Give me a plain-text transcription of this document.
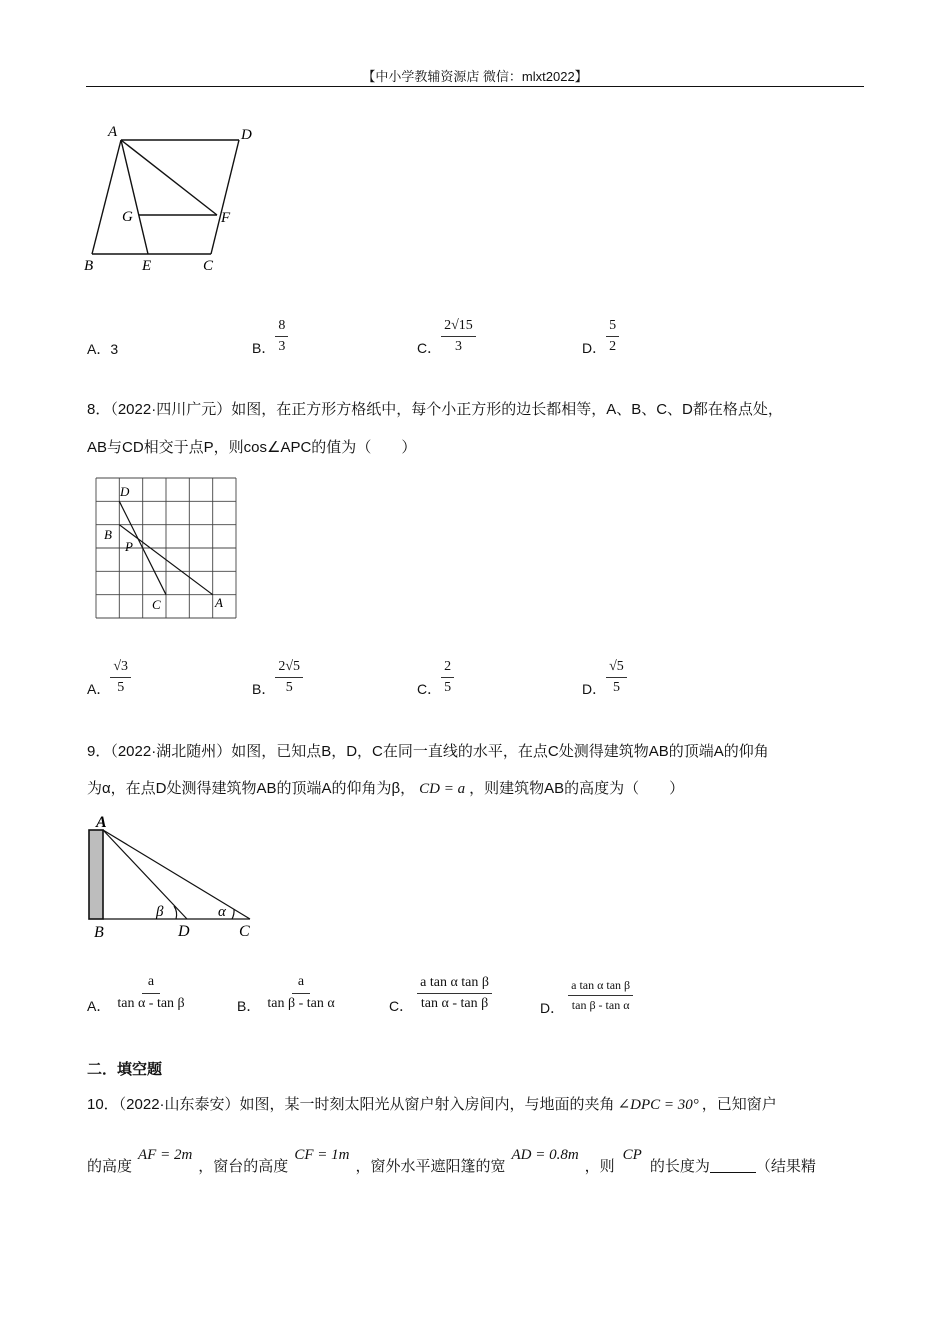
【中小学教辅资源店 微信：mlxt2022】
A	D
G	F
B	E	C
A．3	B． $\frac{8}{3}$	C． $\frac{2√15}{3}$	D． $\frac{5}{2}$
8．（2022·四川广元）如图，在正方形方格纸中，每个小正方形的边长都相等，A、B、C、D都在格点处，
AB与CD相交于点P，则cos∠APC的值为（　　）
D
B
P
C	A
A． $\frac{√3}{5}$	B． $\frac{2√5}{5}$	C． $\frac{2}{5}$	D． $\frac{√5}{5}$
9．（2022·湖北随州）如图，已知点B，D，C在同一直线的水平，在点C处测得建筑物AB的顶端A的仰角
为α，在点D处测得建筑物AB的顶端A的仰角为β， CD = a ，则建筑物AB的高度为（　　）
A
B	D	C
β	α
A． $\frac{a}{\text{tan α - tan β}}$	B． $\frac{a}{\text{tan β - tan α}}$	C． $\frac{\text{a tan α tan β}}{\text{tan α - tan β}}$	D． $\frac{\text{a tan α tan β}}{\text{tan β - tan α}}$
二．填空题
10．（2022·山东泰安）如图，某一时刻太阳光从窗户射入房间内，与地面的夹角 ∠DPC = 30° ，已知窗户
的高度AF = 2m，窗台的高度CF = 1m，窗外水平遮阳篷的宽AD = 0.8m，则CP的长度为	（结果精
